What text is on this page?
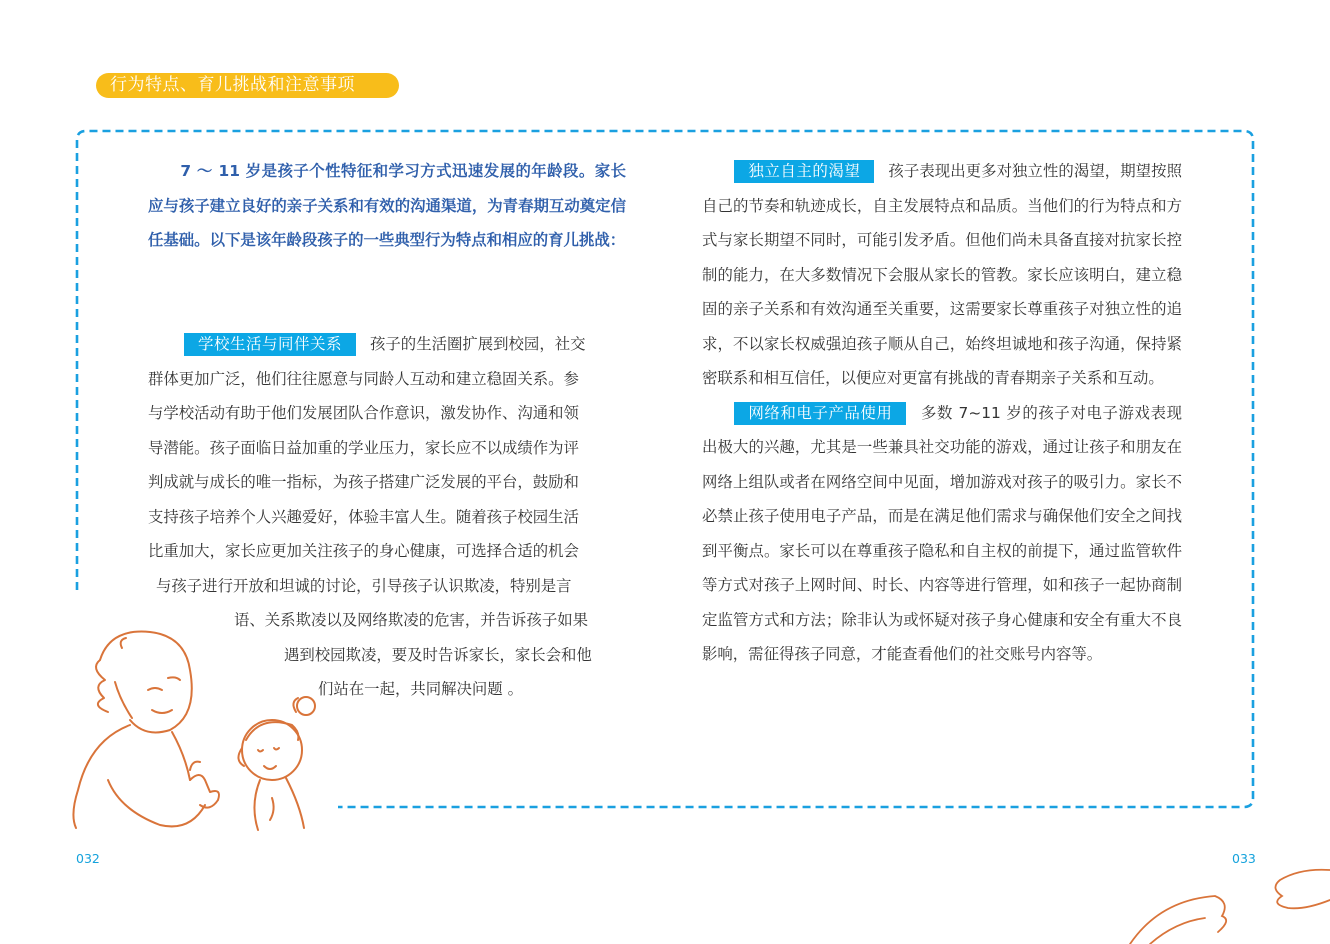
行为特点、育儿挑战和注意事项

7 ～ 11 岁是孩子个性特征和学习方式迅速发展的年龄段。家长应与孩子建立良好的亲子关系和有效的沟通渠道，为青春期互动奠定信任基础。以下是该年龄段孩子的一些典型行为特点和相应的育儿挑战：

学校生活与同伴关系 孩子的生活圈扩展到校园，社交
群体更加广泛，他们往往愿意与同龄人互动和建立稳固关系。参
与学校活动有助于他们发展团队合作意识，激发协作、沟通和领
导潜能。孩子面临日益加重的学业压力，家长应不以成绩作为评
判成就与成长的唯一指标，为孩子搭建广泛发展的平台，鼓励和
支持孩子培养个人兴趣爱好，体验丰富人生。随着孩子校园生活
比重加大，家长应更加关注孩子的身心健康，可选择合适的机会
与孩子进行开放和坦诚的讨论，引导孩子认识欺凌，特别是言
语、关系欺凌以及网络欺凌的危害，并告诉孩子如果
遇到校园欺凌，要及时告诉家长，家长会和他
们站在一起，共同解决问题 。

独立自主的渴望 孩子表现出更多对独立性的渴望，期望按照自己的节奏和轨迹成长，自主发展特点和品质。当他们的行为特点和方式与家长期望不同时，可能引发矛盾。但他们尚未具备直接对抗家长控制的能力，在大多数情况下会服从家长的管教。家长应该明白，建立稳固的亲子关系和有效沟通至关重要，这需要家长尊重孩子对独立性的追求，不以家长权威强迫孩子顺从自己，始终坦诚地和孩子沟通，保持紧密联系和相互信任，以便应对更富有挑战的青春期亲子关系和互动。

网络和电子产品使用 多数 7~11 岁的孩子对电子游戏表现出极大的兴趣，尤其是一些兼具社交功能的游戏，通过让孩子和朋友在网络上组队或者在网络空间中见面，增加游戏对孩子的吸引力。家长不必禁止孩子使用电子产品，而是在满足他们需求与确保他们安全之间找到平衡点。家长可以在尊重孩子隐私和自主权的前提下，通过监管软件等方式对孩子上网时间、时长、内容等进行管理，如和孩子一起协商制定监管方式和方法；除非认为或怀疑对孩子身心健康和安全有重大不良影响，需征得孩子同意，才能查看他们的社交账号内容等。

032	033
